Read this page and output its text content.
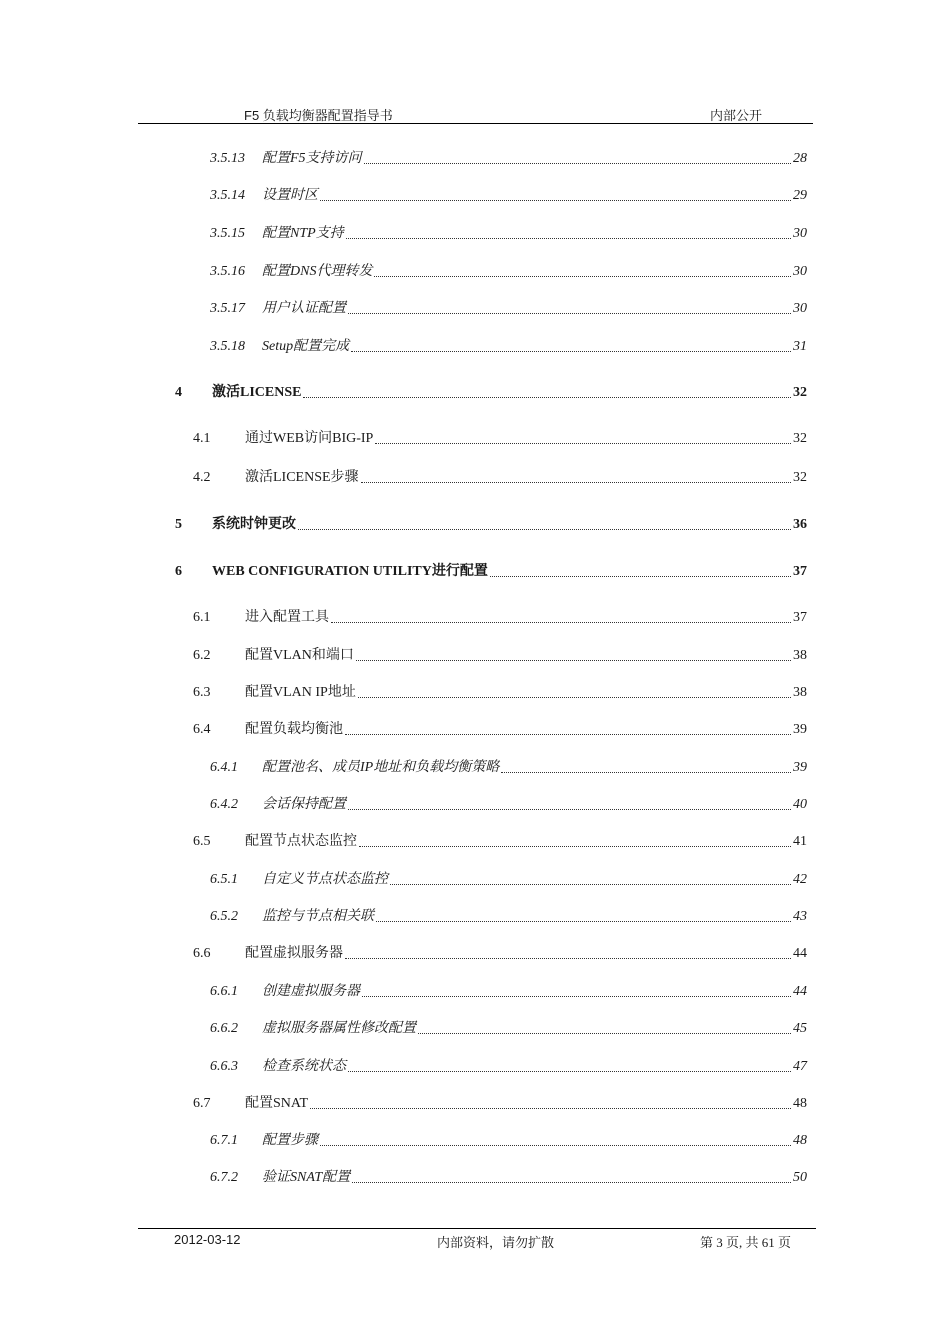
F5 负载均衡器配置指导书	内部公开
3.5.13	配置F5支持访问	28
3.5.14	设置时区	29
3.5.15	配置NTP支持	30
3.5.16	配置DNS代理转发	30
3.5.17	用户认证配置	30
3.5.18	Setup配置完成	31
4	激活LICENSE	32
4.1	通过WEB访问BIG-IP	32
4.2	激活LICENSE步骤	32
5	系统时钟更改	36
6	WEB CONFIGURATION UTILITY进行配置	37
6.1	进入配置工具	37
6.2	配置VLAN和端口	38
6.3	配置VLAN IP地址	38
6.4	配置负载均衡池	39
6.4.1	配置池名、成员IP地址和负载均衡策略	39
6.4.2	会话保持配置	40
6.5	配置节点状态监控	41
6.5.1	自定义节点状态监控	42
6.5.2	监控与节点相关联	43
6.6	配置虚拟服务器	44
6.6.1	创建虚拟服务器	44
6.6.2	虚拟服务器属性修改配置	45
6.6.3	检查系统状态	47
6.7	配置SNAT	48
6.7.1	配置步骤	48
6.7.2	验证SNAT配置	50
2012-03-12	内部资料，请勿扩散	第 3 页, 共 61 页
